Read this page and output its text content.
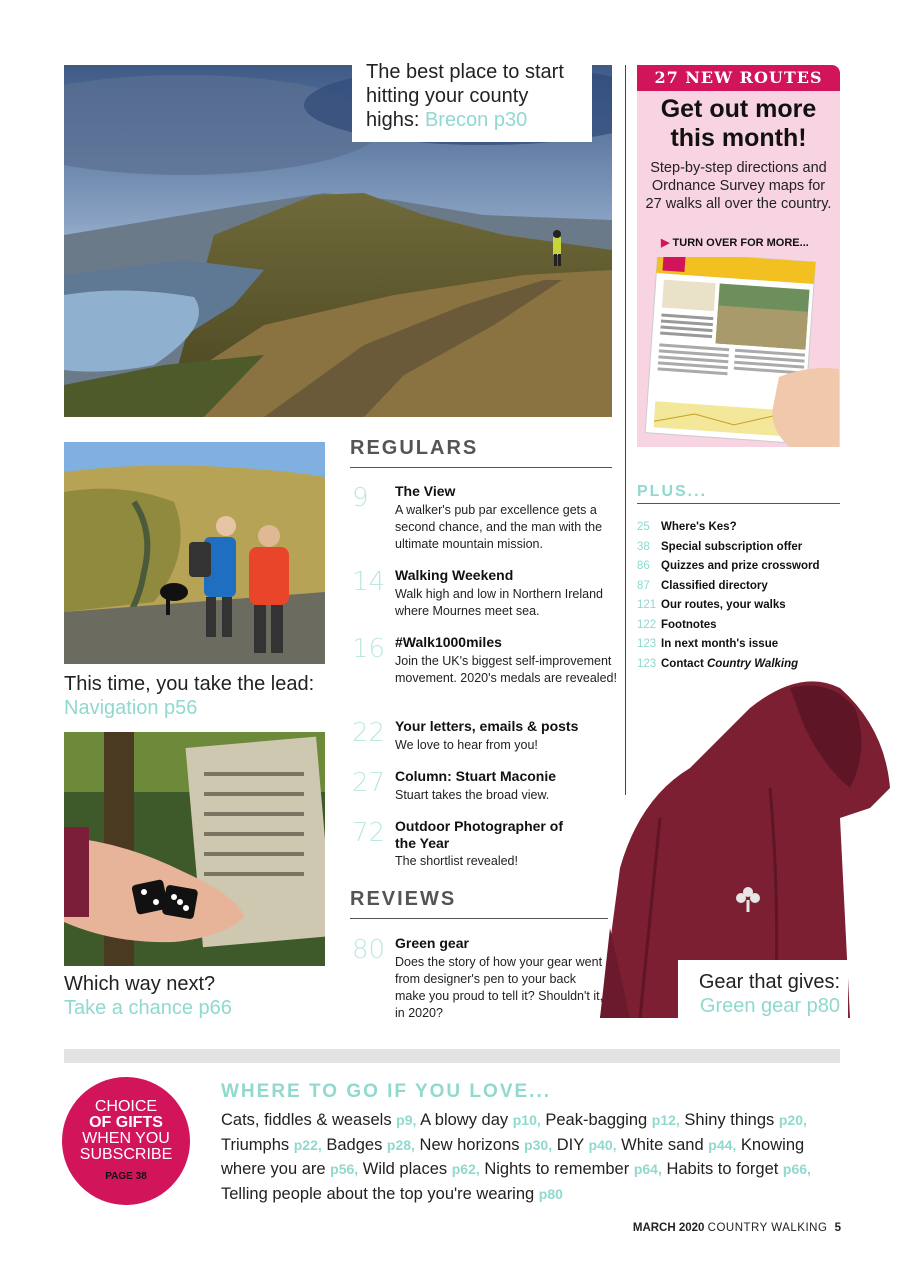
The best place to start hitting your county highs: Brecon p30
27 NEW ROUTES
Get out more this month!
Step-by-step directions and Ordnance Survey maps for 27 walks all over the country.
▶ TURN OVER FOR MORE...
PLUS...
25 Where's Kes?
38 Special subscription offer
86 Quizzes and prize crossword
87 Classified directory
121 Our routes, your walks
122 Footnotes
123 In next month's issue
123 Contact Country Walking
This time, you take the lead:
Navigation p56
Which way next?
Take a chance p66
REGULARS
9 The View
A walker's pub par excellence gets a second chance, and the man with the ultimate mountain mission.
14 Walking Weekend
Walk high and low in Northern Ireland where Mournes meet sea.
16 #Walk1000miles
Join the UK's biggest self-improvement movement. 2020's medals are revealed!
22 Your letters, emails & posts
We love to hear from you!
27 Column: Stuart Maconie
Stuart takes the broad view.
72 Outdoor Photographer of the Year
The shortlist revealed!
REVIEWS
80 Green gear
Does the story of how your gear went from designer's pen to your back make you proud to tell it? Shouldn't it, in 2020?
Gear that gives:
Green gear p80
CHOICE
OF GIFTS
WHEN YOU
SUBSCRIBE
PAGE 38
WHERE TO GO IF YOU LOVE...
Cats, fiddles & weasels p9, A blowy day p10, Peak-bagging p12, Shiny things p20, Triumphs p22, Badges p28, New horizons p30, DIY p40, White sand p44, Knowing where you are p56, Wild places p62, Nights to remember p64, Habits to forget p66, Telling people about the top you're wearing p80
MARCH 2020 COUNTRY WALKING 5
